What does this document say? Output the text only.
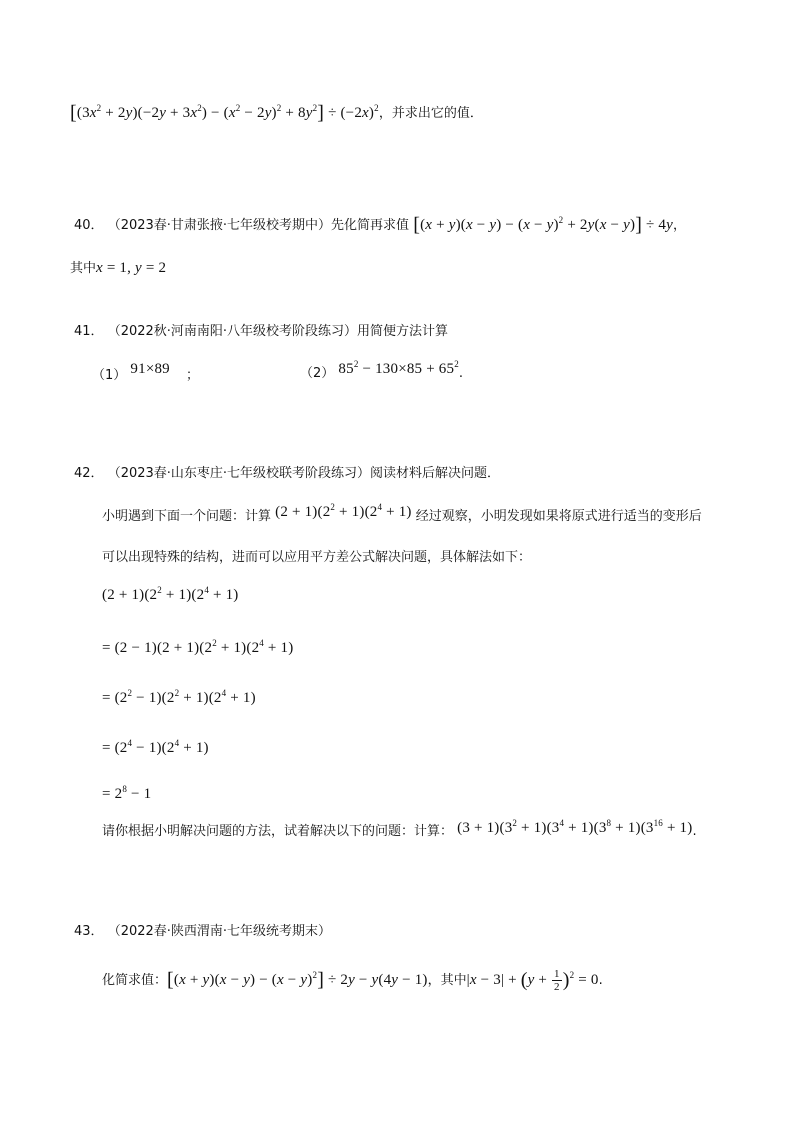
$[(3x^2 + 2y)(-2y + 3x^2) - (x^2 - 2y)^2 + 8y^2] \div (-2x)^2$，并求出它的值．
40． （2023春·甘肃张掖·七年级校考期中）先化简再求值 $[(x + y)(x - y) - (x - y)^2 + 2y(x - y)] \div 4y$，
其中x = 1, y = 2
41． （2022秋·河南南阳·八年级校考阶段练习）用简便方法计算
（1） 91×89 ；	（2） $85^2 - 130\times 85 + 65^2$.
42． （2023春·山东枣庄·七年级校联考阶段练习）阅读材料后解决问题．
小明遇到下面一个问题：计算 $(2 + 1)(2^2 + 1)(2^4 + 1)$ 经过观察，小明发现如果将原式进行适当的变形后
可以出现特殊的结构，进而可以应用平方差公式解决问题，具体解法如下：
$(2 + 1)(2^2 + 1)(2^4 + 1)$
= $(2 - 1)(2 + 1)(2^2 + 1)(2^4 + 1)$
= $(2^2 - 1)(2^2 + 1)(2^4 + 1)$
= $(2^4 - 1)(2^4 + 1)$
= $2^8 - 1$
请你根据小明解决问题的方法，试着解决以下的问题：计算： $(3 + 1)(3^2 + 1)(3^4 + 1)(3^8 + 1)(3^{16} + 1)$.
43． （2022春·陕西渭南·七年级统考期末）
化简求值：$[(x + y)(x - y) - (x - y)^2] \div 2y - y(4y - 1)$，其中$|x - 3| + (y + \frac{1}{2} )^2 = 0$.
